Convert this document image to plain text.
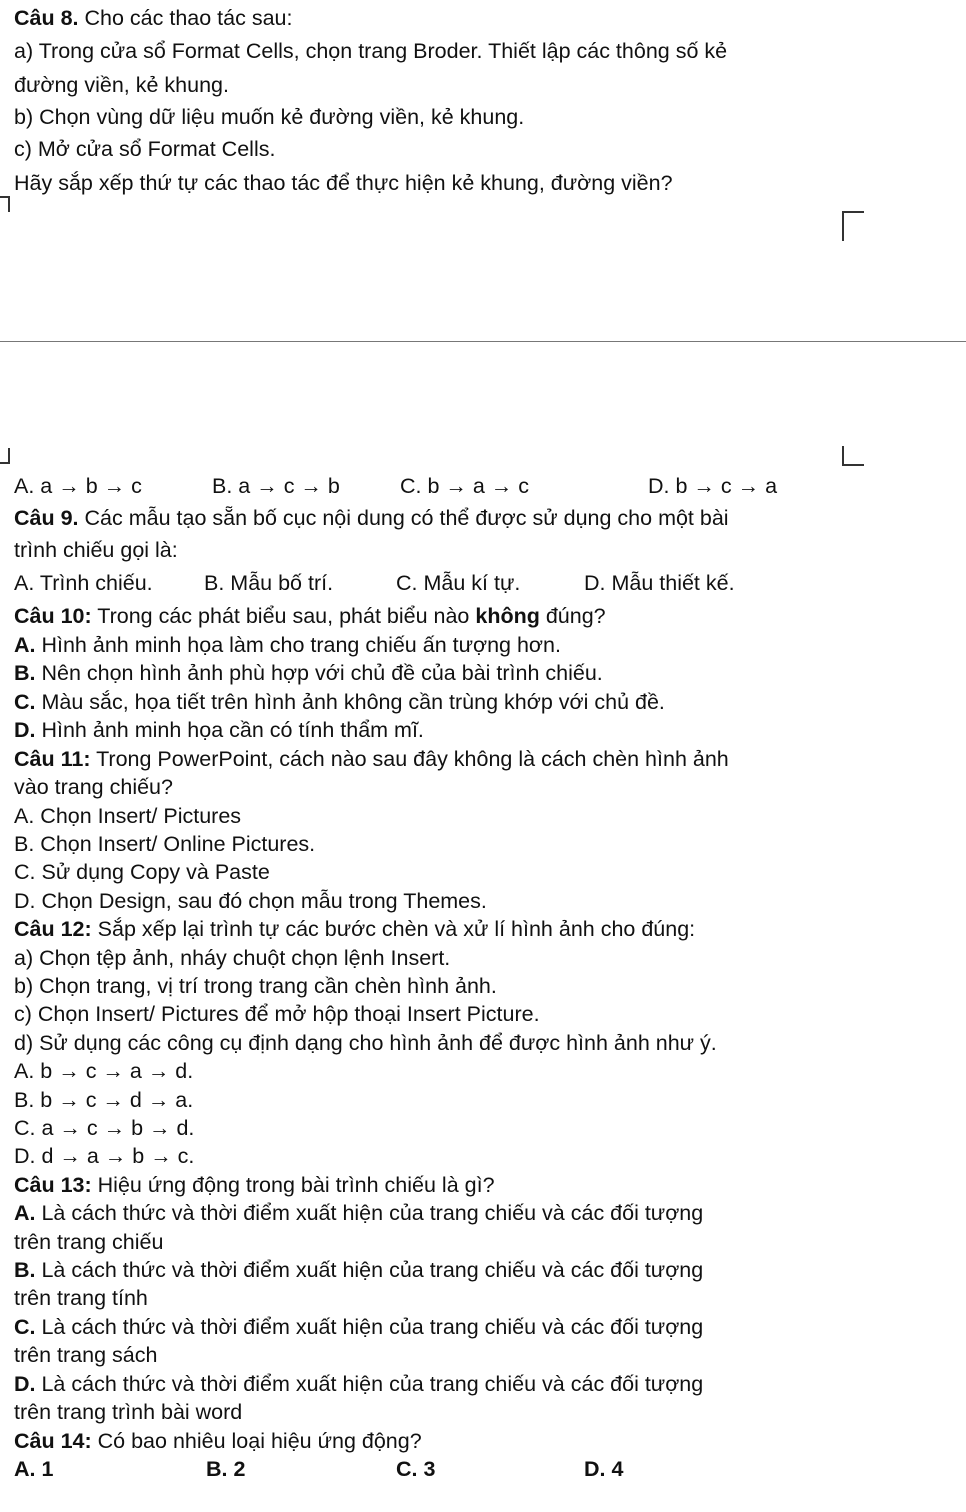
Câu 8. Cho các thao tác sau:
a) Trong cửa sổ Format Cells, chọn trang Broder. Thiết lập các thông số kẻ
đường viền, kẻ khung.
b) Chọn vùng dữ liệu muốn kẻ đường viền, kẻ khung.
c) Mở cửa sổ Format Cells.
Hãy sắp xếp thứ tự các thao tác để thực hiện kẻ khung, đường viền?
A. a → b → c	B. a → c → b	C. b → a → c	D. b → c → a
Câu 9. Các mẫu tạo sẵn bố cục nội dung có thể được sử dụng cho một bài
trình chiếu gọi là:
A. Trình chiếu. B. Mẫu bố trí.	C. Mẫu kí tự.	D. Mẫu thiết kế.
Câu 10: Trong các phát biểu sau, phát biểu nào không đúng?
A. Hình ảnh minh họa làm cho trang chiếu ấn tượng hơn.
B. Nên chọn hình ảnh phù hợp với chủ đề của bài trình chiếu.
C. Màu sắc, họa tiết trên hình ảnh không cần trùng khớp với chủ đề.
D. Hình ảnh minh họa cần có tính thẩm mĩ.
Câu 11: Trong PowerPoint, cách nào sau đây không là cách chèn hình ảnh
vào trang chiếu?
A. Chọn Insert/ Pictures
B. Chọn Insert/ Online Pictures.
C. Sử dụng Copy và Paste
D. Chọn Design, sau đó chọn mẫu trong Themes.
Câu 12: Sắp xếp lại trình tự các bước chèn và xử lí hình ảnh cho đúng:
a) Chọn tệp ảnh, nháy chuột chọn lệnh Insert.
b) Chọn trang, vị trí trong trang cần chèn hình ảnh.
c) Chọn Insert/ Pictures để mở hộp thoại Insert Picture.
d) Sử dụng các công cụ định dạng cho hình ảnh để được hình ảnh như ý.
A. b → c → a → d.
B. b → c → d → a.
C. a → c → b → d.
D. d → a → b → c.
Câu 13: Hiệu ứng động trong bài trình chiếu là gì?
A. Là cách thức và thời điểm xuất hiện của trang chiếu và các đối tượng
trên trang chiếu
B. Là cách thức và thời điểm xuất hiện của trang chiếu và các đối tượng
trên trang tính
C. Là cách thức và thời điểm xuất hiện của trang chiếu và các đối tượng
trên trang sách
D. Là cách thức và thời điểm xuất hiện của trang chiếu và các đối tượng
trên trang trình bài word
Câu 14: Có bao nhiêu loại hiệu ứng động?
A. 1	B. 2	C. 3	D. 4
